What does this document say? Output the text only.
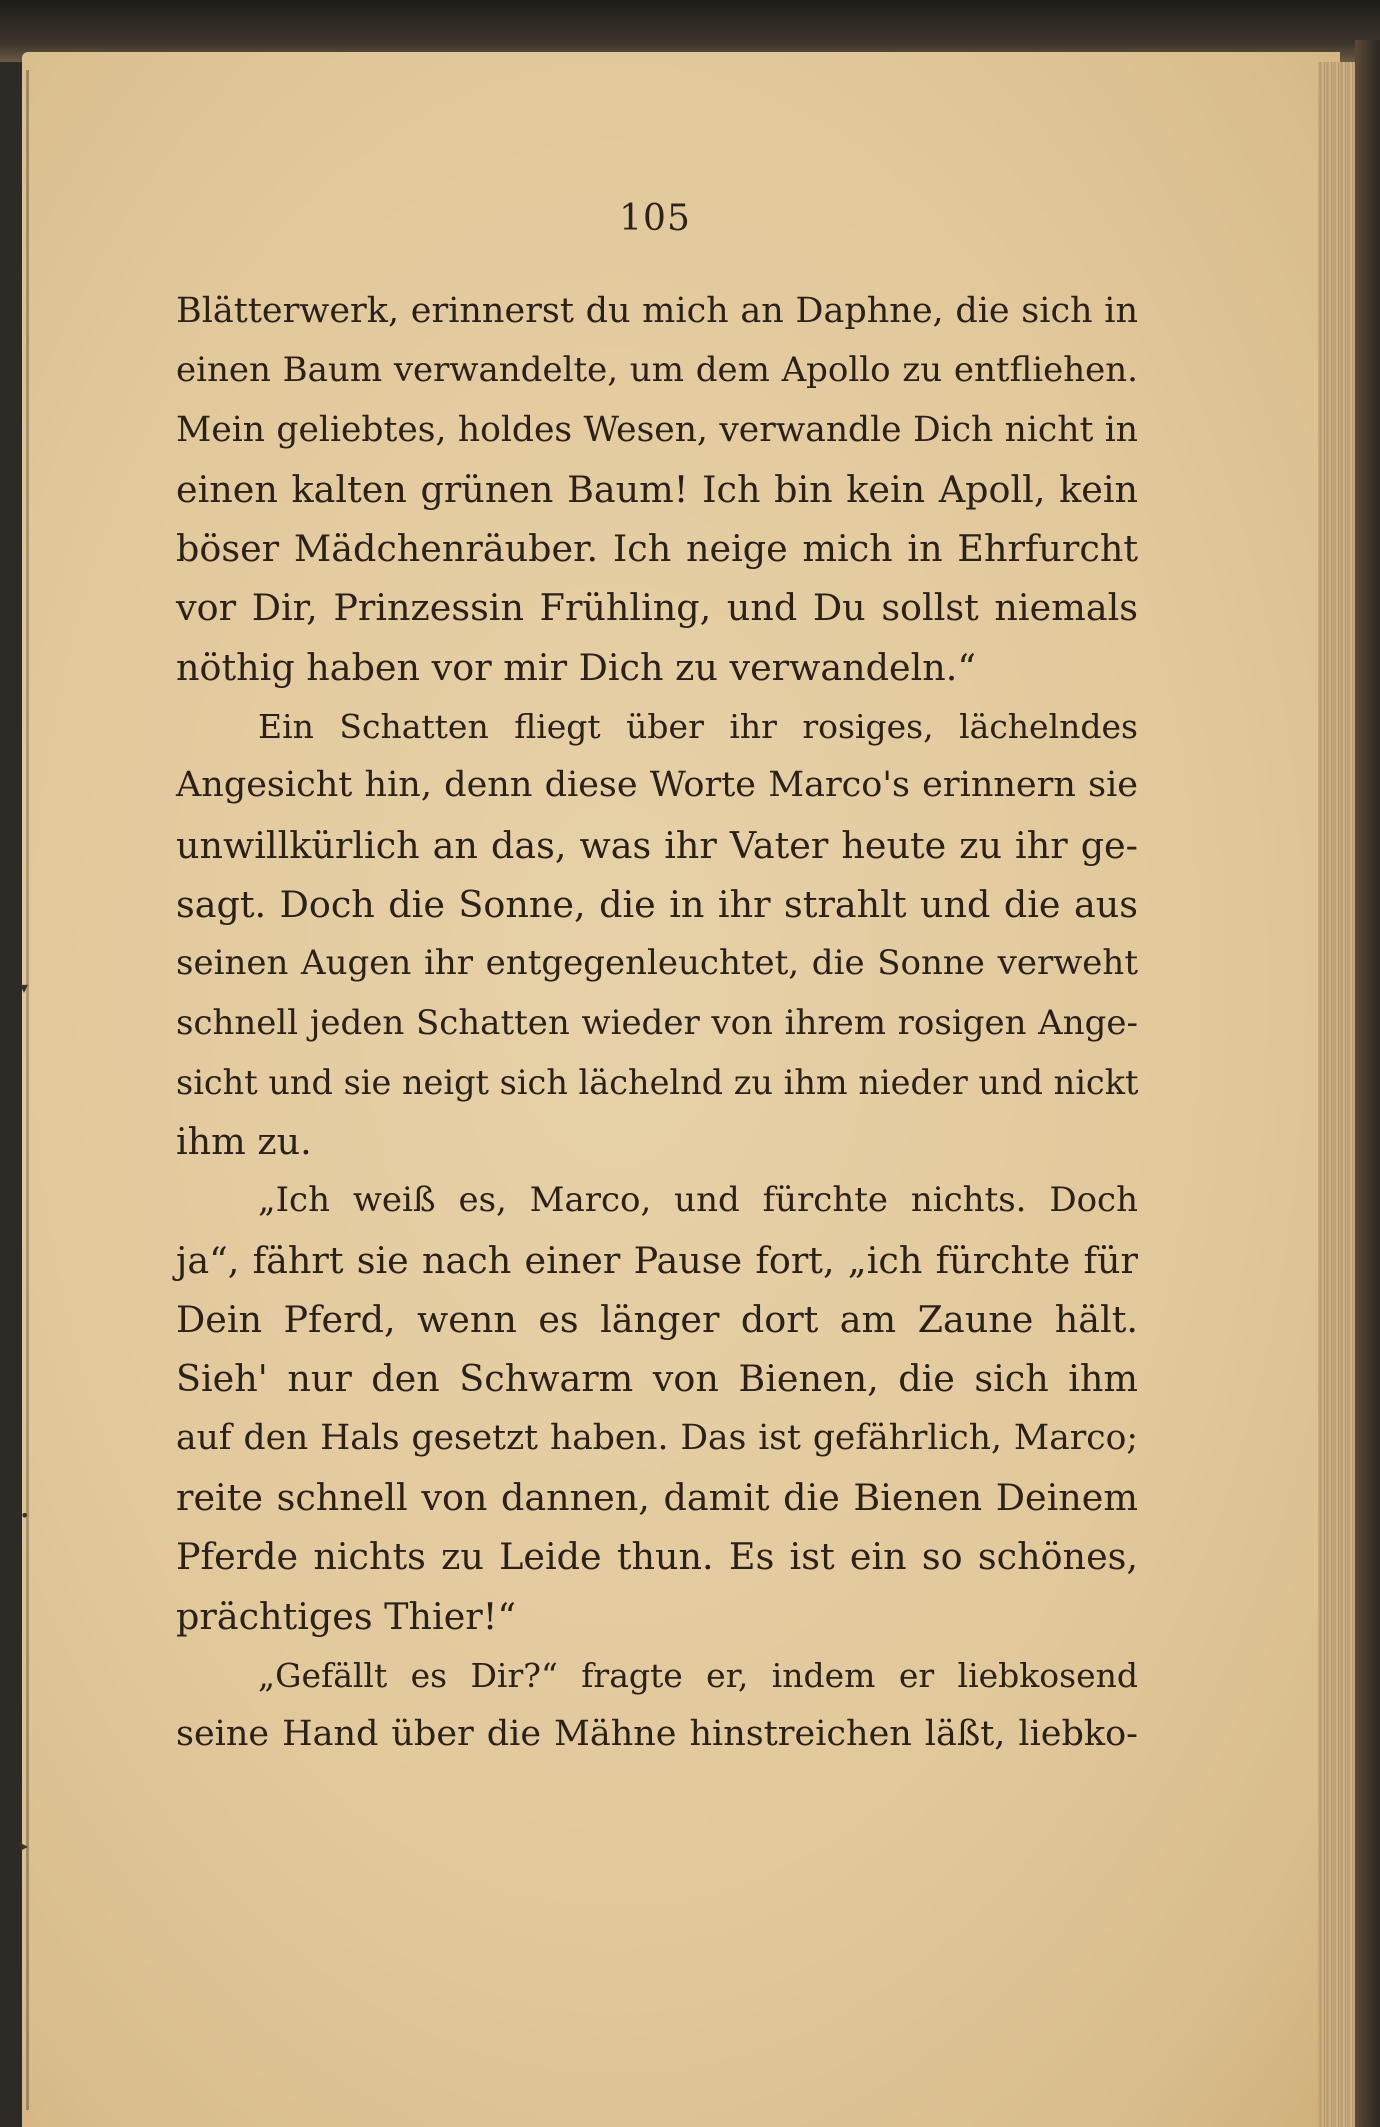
▾
•
▸
105
Blätterwerk, erinnerst du mich an Daphne, die sich in
einen Baum verwandelte, um dem Apollo zu entfliehen.
Mein geliebtes, holdes Wesen, verwandle Dich nicht in
einen kalten grünen Baum! Ich bin kein Apoll, kein
böser Mädchenräuber. Ich neige mich in Ehrfurcht
vor Dir, Prinzessin Frühling, und Du sollst niemals
nöthig haben vor mir Dich zu verwandeln.“
Ein Schatten fliegt über ihr rosiges, lächelndes
Angesicht hin, denn diese Worte Marco's erinnern sie
unwillkürlich an das, was ihr Vater heute zu ihr ge-
sagt. Doch die Sonne, die in ihr strahlt und die aus
seinen Augen ihr entgegenleuchtet, die Sonne verweht
schnell jeden Schatten wieder von ihrem rosigen Ange-
sicht und sie neigt sich lächelnd zu ihm nieder und nickt
ihm zu.
„Ich weiß es, Marco, und fürchte nichts. Doch
ja“, fährt sie nach einer Pause fort, „ich fürchte für
Dein Pferd, wenn es länger dort am Zaune hält.
Sieh' nur den Schwarm von Bienen, die sich ihm
auf den Hals gesetzt haben. Das ist gefährlich, Marco;
reite schnell von dannen, damit die Bienen Deinem
Pferde nichts zu Leide thun. Es ist ein so schönes,
prächtiges Thier!“
„Gefällt es Dir?“ fragte er, indem er liebkosend
seine Hand über die Mähne hinstreichen läßt, liebko-
